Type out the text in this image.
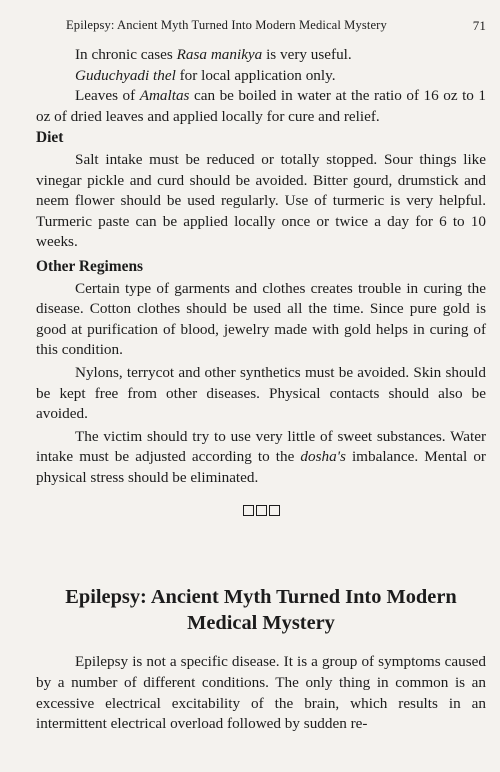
Epilepsy: Ancient Myth Turned Into Modern Medical Mystery	71

In chronic cases Rasa manikya is very useful.

Guduchyadi thel for local application only.

Leaves of Amaltas can be boiled in water at the ratio of 16 oz to 1 oz of dried leaves and applied locally for cure and relief.

Diet

Salt intake must be reduced or totally stopped. Sour things like vinegar pickle and curd should be avoided. Bitter gourd, drumstick and neem flower should be used regularly. Use of turmeric is very helpful. Turmeric paste can be applied locally once or twice a day for 6 to 10 weeks.

Other Regimens

Certain type of garments and clothes creates trouble in curing the disease. Cotton clothes should be used all the time. Since pure gold is good at purification of blood, jewelry made with gold helps in curing of this condition.

Nylons, terrycot and other synthetics must be avoided. Skin should be kept free from other diseases. Physical contacts should also be avoided.

The victim should try to use very little of sweet substances. Water intake must be adjusted according to the dosha's imbalance. Mental or physical stress should be eliminated.

Epilepsy: Ancient Myth Turned Into Modern
Medical Mystery

Epilepsy is not a specific disease. It is a group of symptoms caused by a number of different conditions. The only thing in common is an excessive electrical excitability of the brain, which results in an intermittent electrical overload followed by sudden re-
